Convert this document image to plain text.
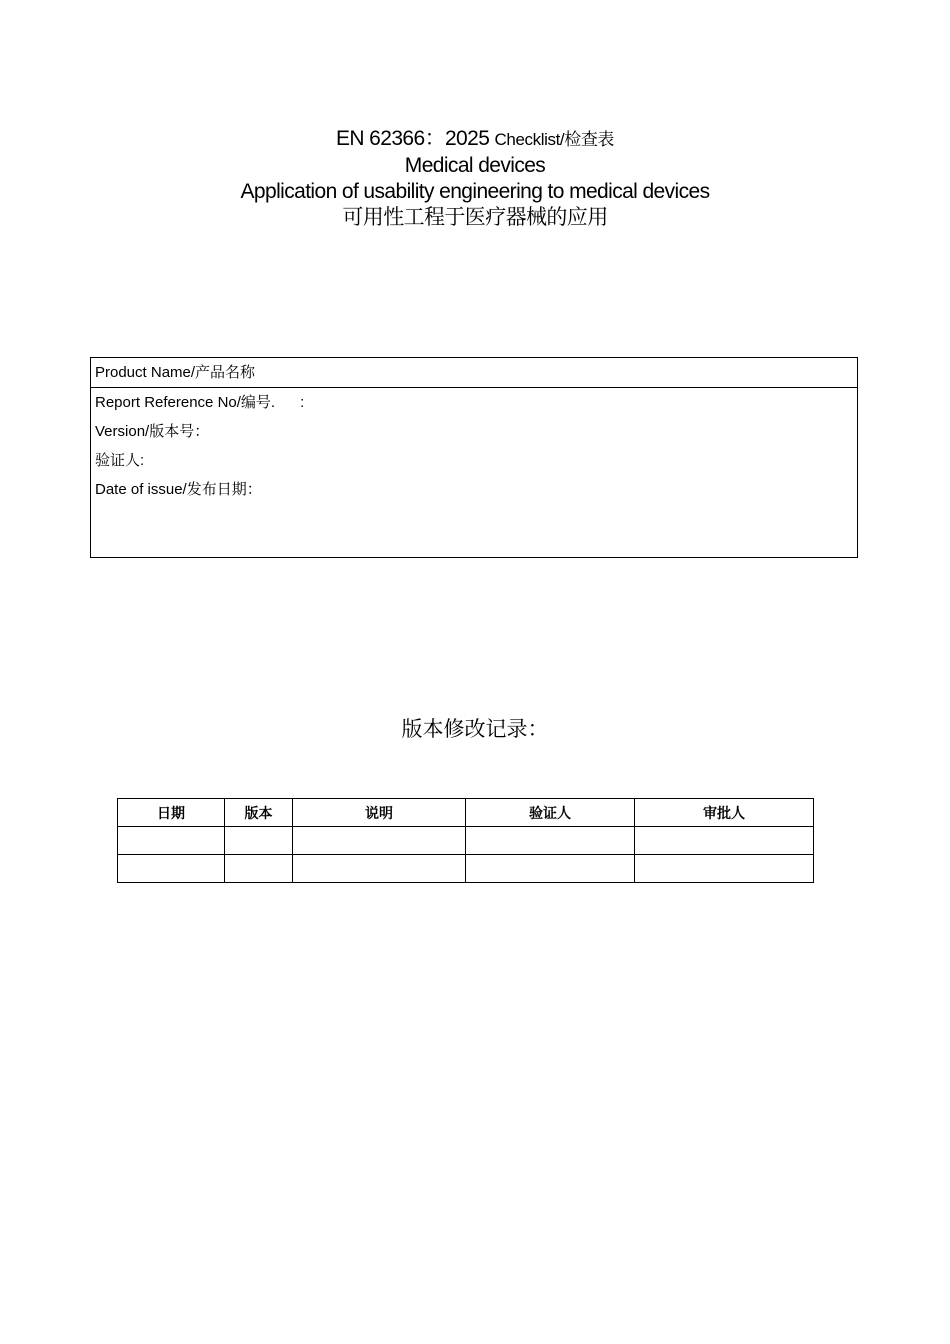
EN 62366：2025 Checklist/检查表
Medical devices
Application of usability engineering to medical devices
可用性工程于医疗器械的应用
Product Name/产品名称
Report Reference No/编号.      :
Version/版本号：
验证人:
Date of issue/发布日期：
版本修改记录：
日期	版本	说明	验证人	审批人
